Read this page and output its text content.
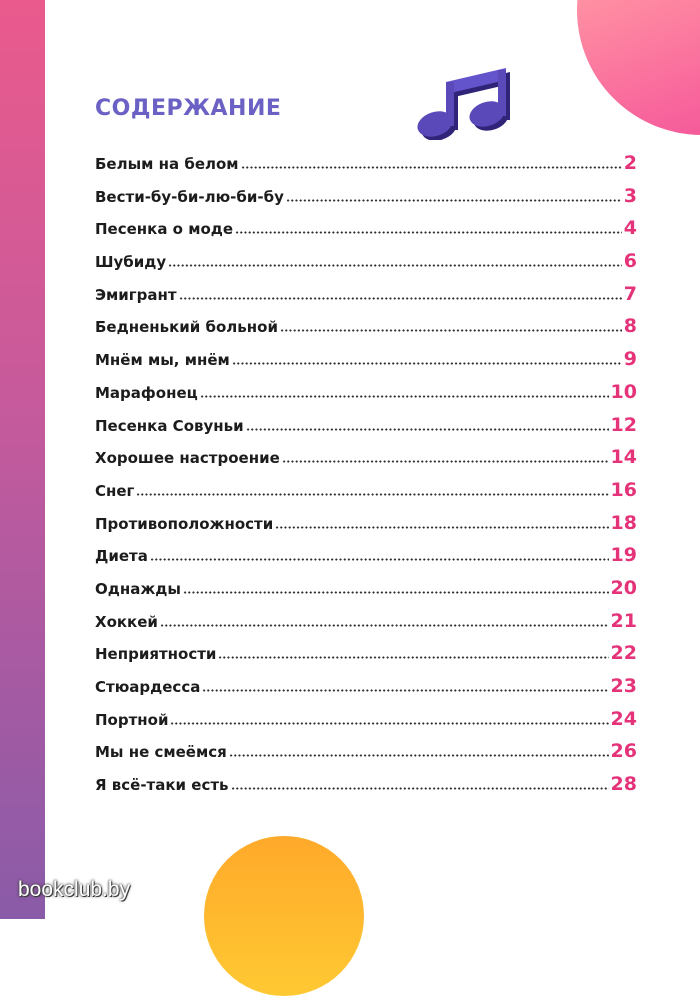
СОДЕРЖАНИЕ
Белым на белом	2
Вести-бу-би-лю-би-бу	3
Песенка о моде	4
Шубиду	6
Эмигрант	7
Бедненький больной	8
Мнём мы, мнём	9
Марафонец	10
Песенка Совуньи	12
Хорошее настроение	14
Снег	16
Противоположности	18
Диета	19
Однажды	20
Хоккей	21
Неприятности	22
Стюардесса	23
Портной	24
Мы не смеёмся	26
Я всё-таки есть	28
bookclub.by
